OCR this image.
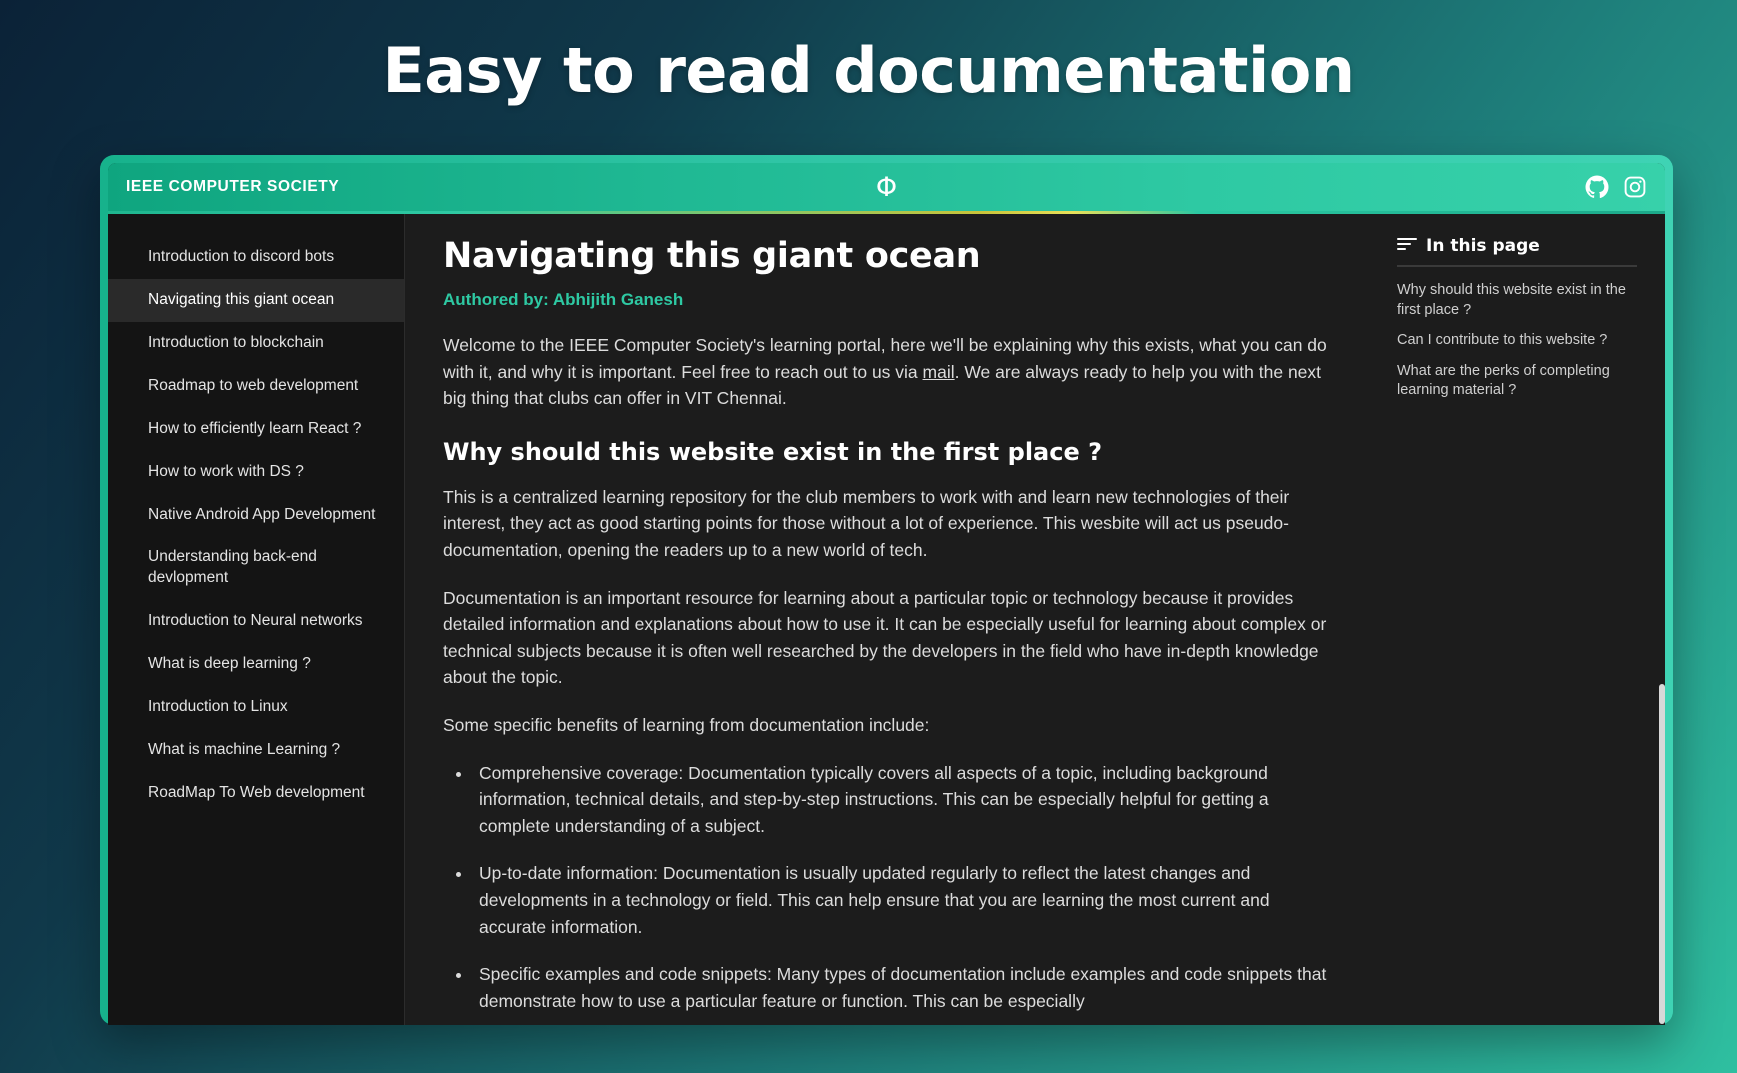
Easy to read documentation
IEEE COMPUTER SOCIETY	Φ
Introduction to discord bots
Navigating this giant ocean
Introduction to blockchain
Roadmap to web development
How to efficiently learn React ?
How to work with DS ?
Native Android App Development
Understanding back-end devlopment
Introduction to Neural networks
What is deep learning ?
Introduction to Linux
What is machine Learning ?
RoadMap To Web development
Navigating this giant ocean
Authored by: Abhijith Ganesh

Welcome to the IEEE Computer Society's learning portal, here we'll be explaining why this exists, what you can do with it, and why it is important. Feel free to reach out to us via mail. We are always ready to help you with the next big thing that clubs can offer in VIT Chennai.

Why should this website exist in the first place ?

This is a centralized learning repository for the club members to work with and learn new technologies of their interest, they act as good starting points for those without a lot of experience. This wesbite will act us pseudo-documentation, opening the readers up to a new world of tech.

Documentation is an important resource for learning about a particular topic or technology because it provides detailed information and explanations about how to use it. It can be especially useful for learning about complex or technical subjects because it is often well researched by the developers in the field who have in-depth knowledge about the topic.

Some specific benefits of learning from documentation include:

• Comprehensive coverage: Documentation typically covers all aspects of a topic, including background information, technical details, and step-by-step instructions. This can be especially helpful for getting a complete understanding of a subject.
• Up-to-date information: Documentation is usually updated regularly to reflect the latest changes and developments in a technology or field. This can help ensure that you are learning the most current and accurate information.
• Specific examples and code snippets: Many types of documentation include examples and code snippets that demonstrate how to use a particular feature or function. This can be especially
In this page
Why should this website exist in the first place ?
Can I contribute to this website ?
What are the perks of completing learning material ?
